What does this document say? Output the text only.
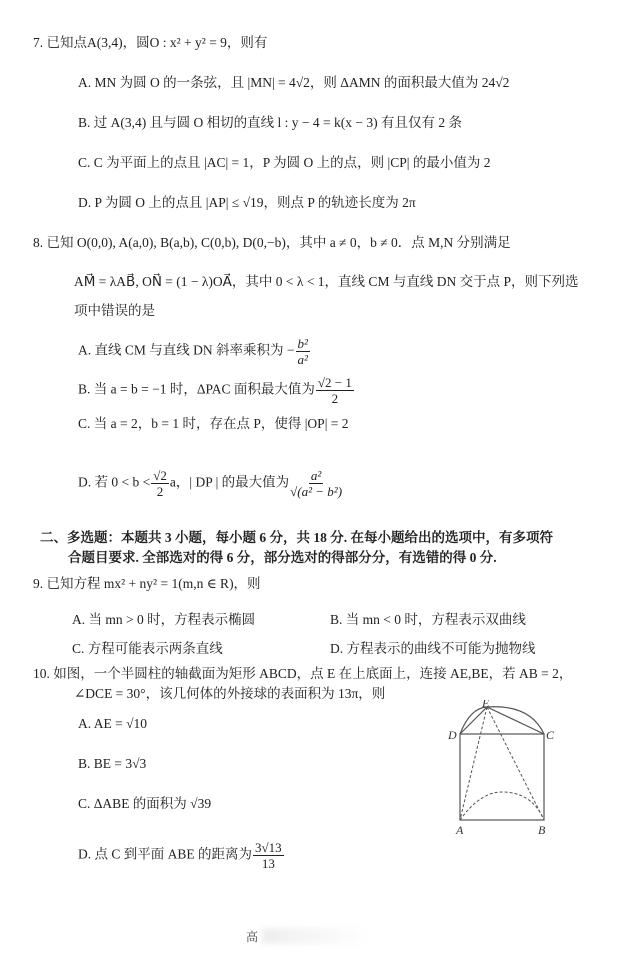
7. 已知点A(3,4)，圆O : x² + y² = 9，则有
A. MN 为圆 O 的一条弦，且 |MN| = 4√2，则 ΔAMN 的面积最大值为 24√2
B. 过 A(3,4) 且与圆 O 相切的直线 l : y − 4 = k(x − 3) 有且仅有 2 条
C. C 为平面上的点且 |AC| = 1，P 为圆 O 上的点，则 |CP| 的最小值为 2
D. P 为圆 O 上的点且 |AP| ≤ √19，则点 P 的轨迹长度为 2π
8. 已知 O(0,0), A(a,0), B(a,b), C(0,b), D(0,−b)，其中 a ≠ 0，b ≠ 0．点 M,N 分别满足
AM⃗ = λAB⃗, ON⃗ = (1 − λ)OA⃗，其中 0 < λ < 1，直线 CM 与直线 DN 交于点 P，则下列选
项中错误的是
A. 直线 CM 与直线 DN 斜率乘积为 − $\frac{\text{b²}}{\text{a²}}$
B. 当 a = b = −1 时，ΔPAC 面积最大值为 $\frac{√2 - 1}{2}$
C. 当 a = 2，b = 1 时，存在点 P，使得 |OP| = 2
D. 若 $0 < b < \frac{√2}{2}$ a，| DP | 的最大值为 $\frac{\text{a²}}{\text{√(a² − b²)}}$
二、多选题：本题共 3 小题，每小题 6 分，共 18 分. 在每小题给出的选项中，有多项符
合题目要求. 全部选对的得 6 分，部分选对的得部分分，有选错的得 0 分.
9. 已知方程 mx² + ny² = 1(m,n ∈ R)，则
A. 当 mn > 0 时，方程表示椭圆	B. 当 mn < 0 时，方程表示双曲线
C. 方程可能表示两条直线	D. 方程表示的曲线不可能为抛物线
10. 如图，一个半圆柱的轴截面为矩形 ABCD，点 E 在上底面上，连接 AE,BE，若 AB = 2，
∠DCE = 30°，该几何体的外接球的表面积为 13π，则
A. AE = √10
B. BE = 3√3
C. ΔABE 的面积为 √39
D. 点 C 到平面 ABE 的距离为 $\frac{3√13}{13}$
E
D	C
A	B
高
